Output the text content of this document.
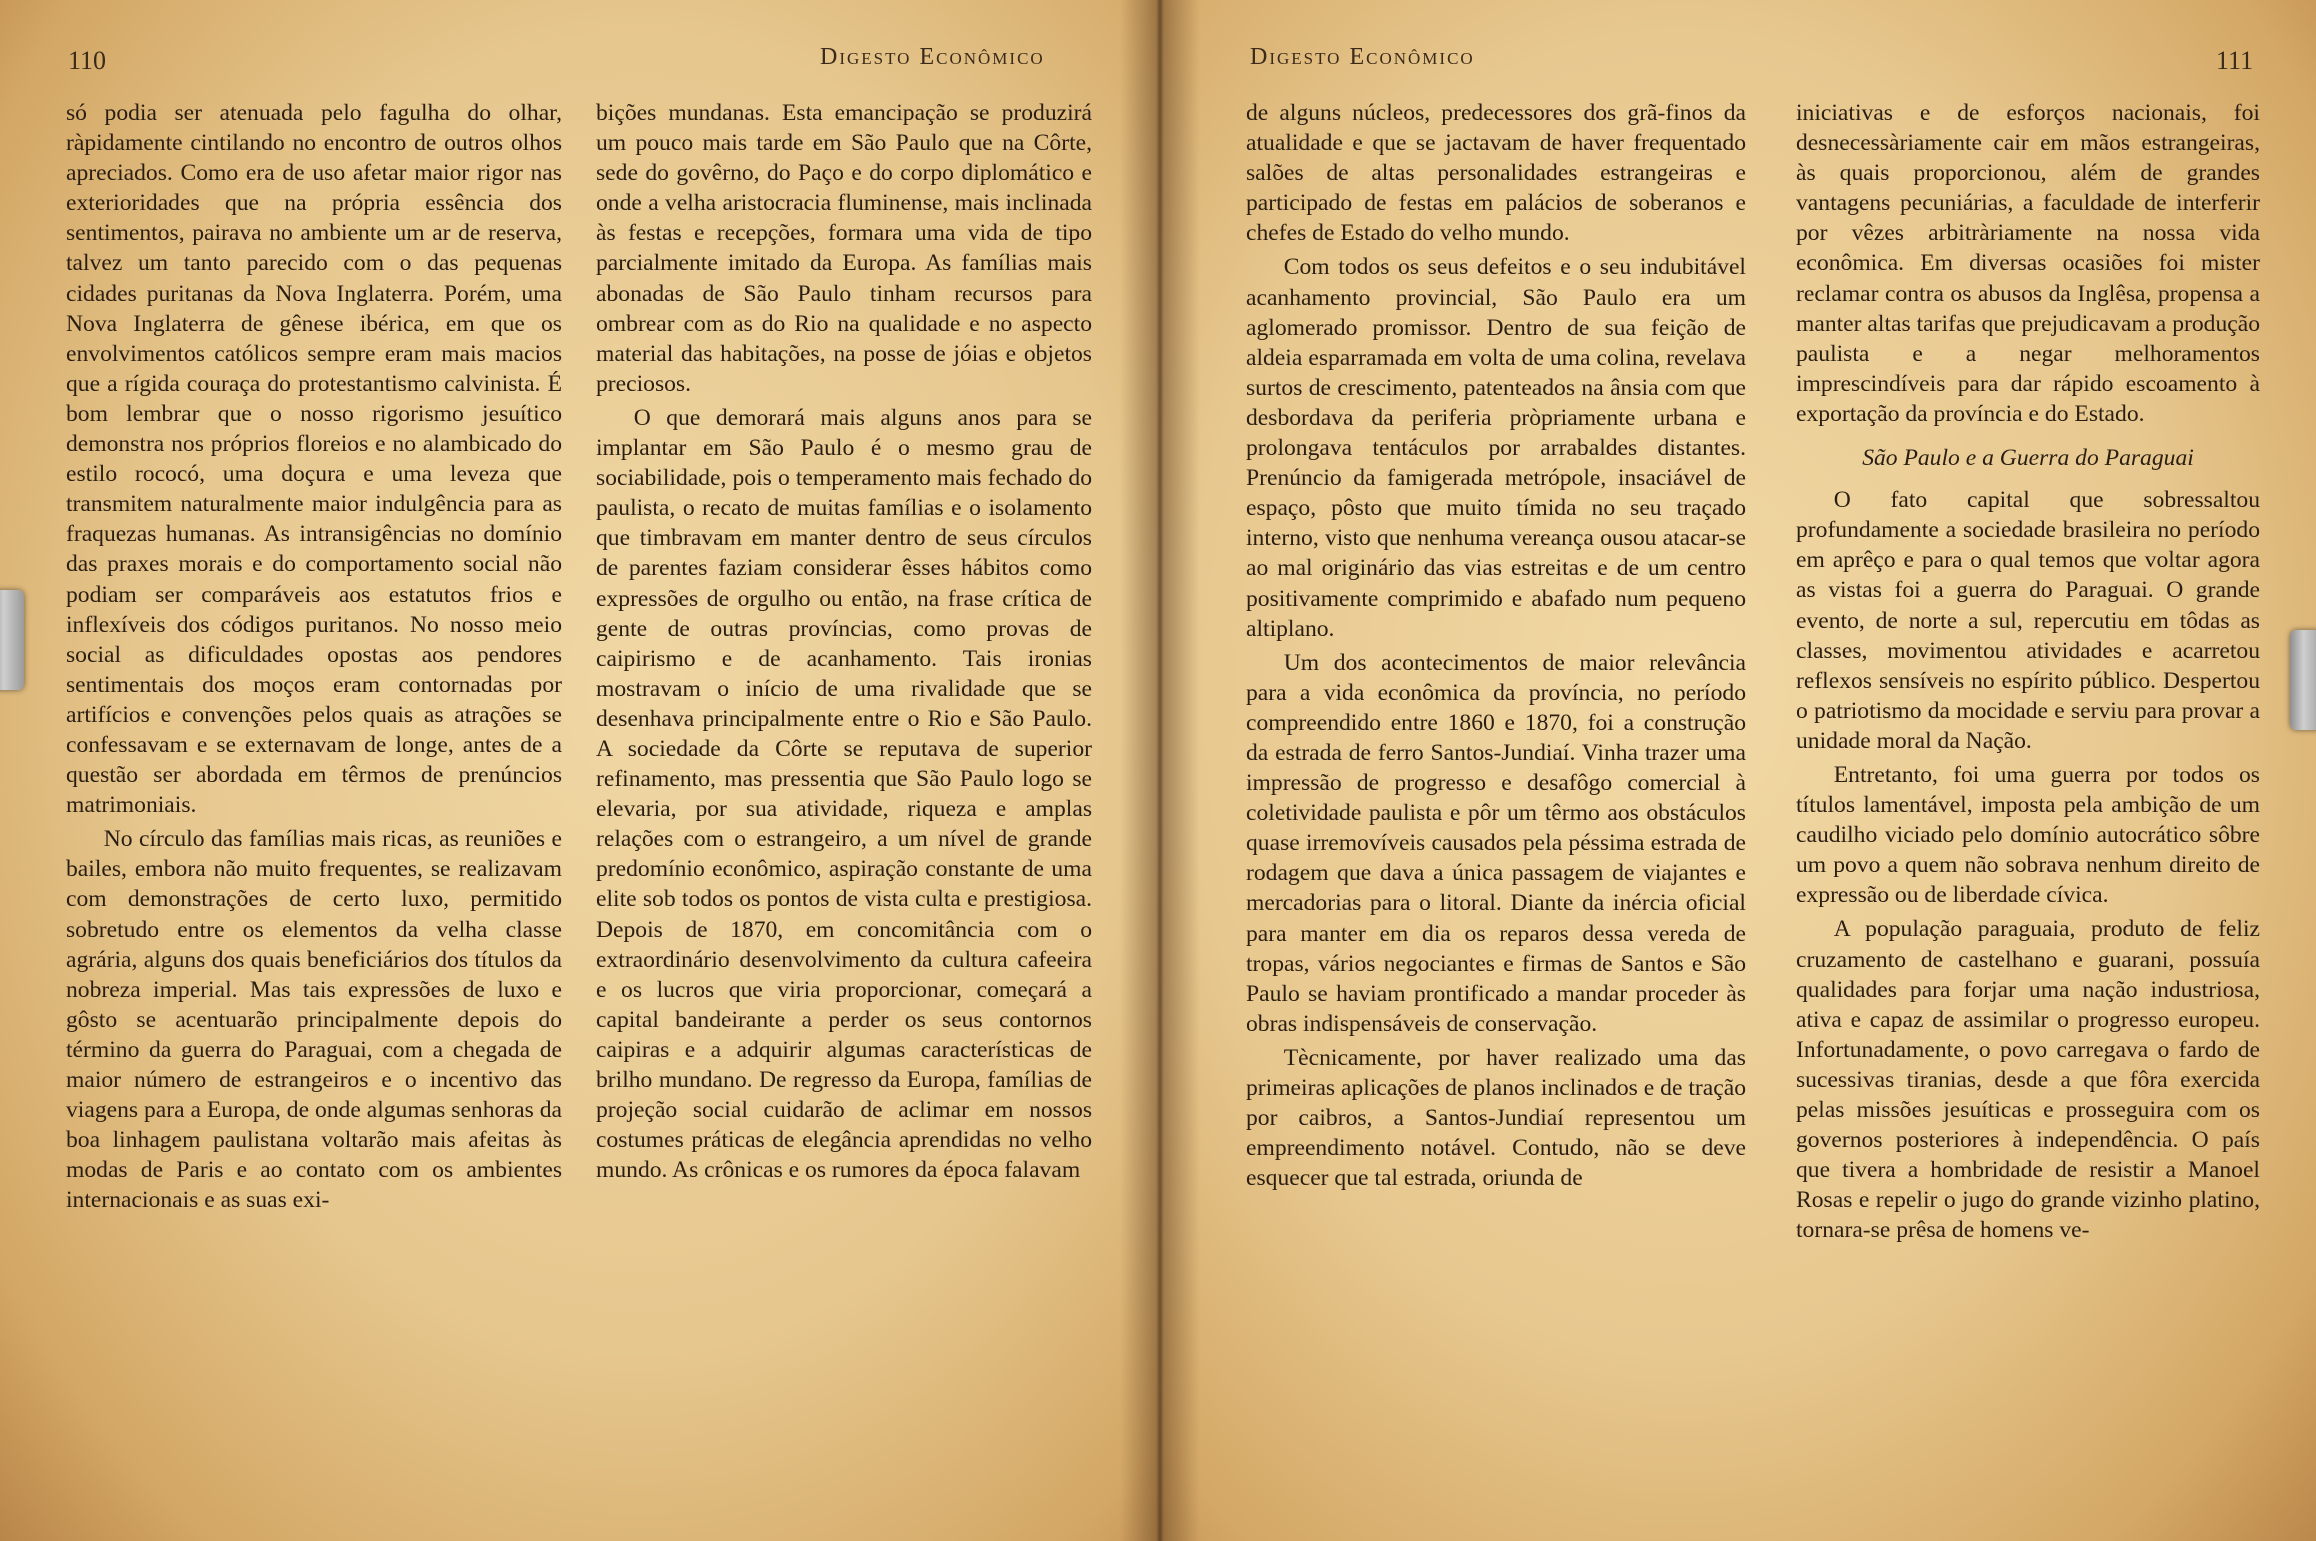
110	Digesto Econômico

só podia ser atenuada pelo fagulha do olhar, ràpidamente cintilando no encontro de outros olhos apreciados. Como era de uso afetar maior rigor nas exterioridades que na própria essência dos sentimentos, pairava no ambiente um ar de reserva, talvez um tanto parecido com o das pequenas cidades puritanas da Nova Inglaterra. Porém, uma Nova Inglaterra de gênese ibérica, em que os envolvimentos católicos sempre eram mais macios que a rígida couraça do protestantismo calvinista. É bom lembrar que o nosso rigorismo jesuítico demonstra nos próprios floreios e no alambicado do estilo rococó, uma doçura e uma leveza que transmitem naturalmente maior indulgência para as fraquezas humanas. As intransigências no domínio das praxes morais e do comportamento social não podiam ser comparáveis aos estatutos frios e inflexíveis dos códigos puritanos. No nosso meio social as dificuldades opostas aos pendores sentimentais dos moços eram contornadas por artifícios e convenções pelos quais as atrações se confessavam e se externavam de longe, antes de a questão ser abordada em têrmos de prenúncios matrimoniais.

No círculo das famílias mais ricas, as reuniões e bailes, embora não muito frequentes, se realizavam com demonstrações de certo luxo, permitido sobretudo entre os elementos da velha classe agrária, alguns dos quais beneficiários dos títulos da nobreza imperial. Mas tais expressões de luxo e gôsto se acentuarão principalmente depois do término da guerra do Paraguai, com a chegada de maior número de estrangeiros e o incentivo das viagens para a Europa, de onde algumas senhoras da boa linhagem paulistana voltarão mais afeitas às modas de Paris e ao contato com os ambientes internacionais e as suas exi-

bições mundanas. Esta emancipação se produzirá um pouco mais tarde em São Paulo que na Côrte, sede do govêrno, do Paço e do corpo diplomático e onde a velha aristocracia fluminense, mais inclinada às festas e recepções, formara uma vida de tipo parcialmente imitado da Europa. As famílias mais abonadas de São Paulo tinham recursos para ombrear com as do Rio na qualidade e no aspecto material das habitações, na posse de jóias e objetos preciosos.

O que demorará mais alguns anos para se implantar em São Paulo é o mesmo grau de sociabilidade, pois o temperamento mais fechado do paulista, o recato de muitas famílias e o isolamento que timbravam em manter dentro de seus círculos de parentes faziam considerar êsses hábitos como expressões de orgulho ou então, na frase crítica de gente de outras províncias, como provas de caipirismo e de acanhamento. Tais ironias mostravam o início de uma rivalidade que se desenhava principalmente entre o Rio e São Paulo. A sociedade da Côrte se reputava de superior refinamento, mas pressentia que São Paulo logo se elevaria, por sua atividade, riqueza e amplas relações com o estrangeiro, a um nível de grande predomínio econômico, aspiração constante de uma elite sob todos os pontos de vista culta e prestigiosa. Depois de 1870, em concomitância com o extraordinário desenvolvimento da cultura cafeeira e os lucros que viria proporcionar, começará a capital bandeirante a perder os seus contornos caipiras e a adquirir algumas características de brilho mundano. De regresso da Europa, famílias de projeção social cuidarão de aclimar em nossos costumes práticas de elegância aprendidas no velho mundo. As crônicas e os rumores da época falavam

Digesto Econômico	111

de alguns núcleos, predecessores dos grã-finos da atualidade e que se jactavam de haver frequentado salões de altas personalidades estrangeiras e participado de festas em palácios de soberanos e chefes de Estado do velho mundo.

Com todos os seus defeitos e o seu indubitável acanhamento provincial, São Paulo era um aglomerado promissor. Dentro de sua feição de aldeia esparramada em volta de uma colina, revelava surtos de crescimento, patenteados na ânsia com que desbordava da periferia pròpriamente urbana e prolongava tentáculos por arrabaldes distantes. Prenúncio da famigerada metrópole, insaciável de espaço, pôsto que muito tímida no seu traçado interno, visto que nenhuma vereança ousou atacar-se ao mal originário das vias estreitas e de um centro positivamente comprimido e abafado num pequeno altiplano.

Um dos acontecimentos de maior relevância para a vida econômica da província, no período compreendido entre 1860 e 1870, foi a construção da estrada de ferro Santos-Jundiaí. Vinha trazer uma impressão de progresso e desafôgo comercial à coletividade paulista e pôr um têrmo aos obstáculos quase irremovíveis causados pela péssima estrada de rodagem que dava a única passagem de viajantes e mercadorias para o litoral. Diante da inércia oficial para manter em dia os reparos dessa vereda de tropas, vários negociantes e firmas de Santos e São Paulo se haviam prontificado a mandar proceder às obras indispensáveis de conservação.

Tècnicamente, por haver realizado uma das primeiras aplicações de planos inclinados e de tração por caibros, a Santos-Jundiaí representou um empreendimento notável. Contudo, não se deve esquecer que tal estrada, oriunda de

iniciativas e de esforços nacionais, foi desnecessàriamente cair em mãos estrangeiras, às quais proporcionou, além de grandes vantagens pecuniárias, a faculdade de interferir por vêzes arbitràriamente na nossa vida econômica. Em diversas ocasiões foi mister reclamar contra os abusos da Inglêsa, propensa a manter altas tarifas que prejudicavam a produção paulista e a negar melhoramentos imprescindíveis para dar rápido escoamento à exportação da província e do Estado.

São Paulo e a Guerra do Paraguai

O fato capital que sobressaltou profundamente a sociedade brasileira no período em aprêço e para o qual temos que voltar agora as vistas foi a guerra do Paraguai. O grande evento, de norte a sul, repercutiu em tôdas as classes, movimentou atividades e acarretou reflexos sensíveis no espírito público. Despertou o patriotismo da mocidade e serviu para provar a unidade moral da Nação.

Entretanto, foi uma guerra por todos os títulos lamentável, imposta pela ambição de um caudilho viciado pelo domínio autocrático sôbre um povo a quem não sobrava nenhum direito de expressão ou de liberdade cívica.

A população paraguaia, produto de feliz cruzamento de castelhano e guarani, possuía qualidades para forjar uma nação industriosa, ativa e capaz de assimilar o progresso europeu. Infortunadamente, o povo carregava o fardo de sucessivas tiranias, desde a que fôra exercida pelas missões jesuíticas e prosseguira com os governos posteriores à independência. O país que tivera a hombridade de resistir a Manoel Rosas e repelir o jugo do grande vizinho platino, tornara-se prêsa de homens ve-
